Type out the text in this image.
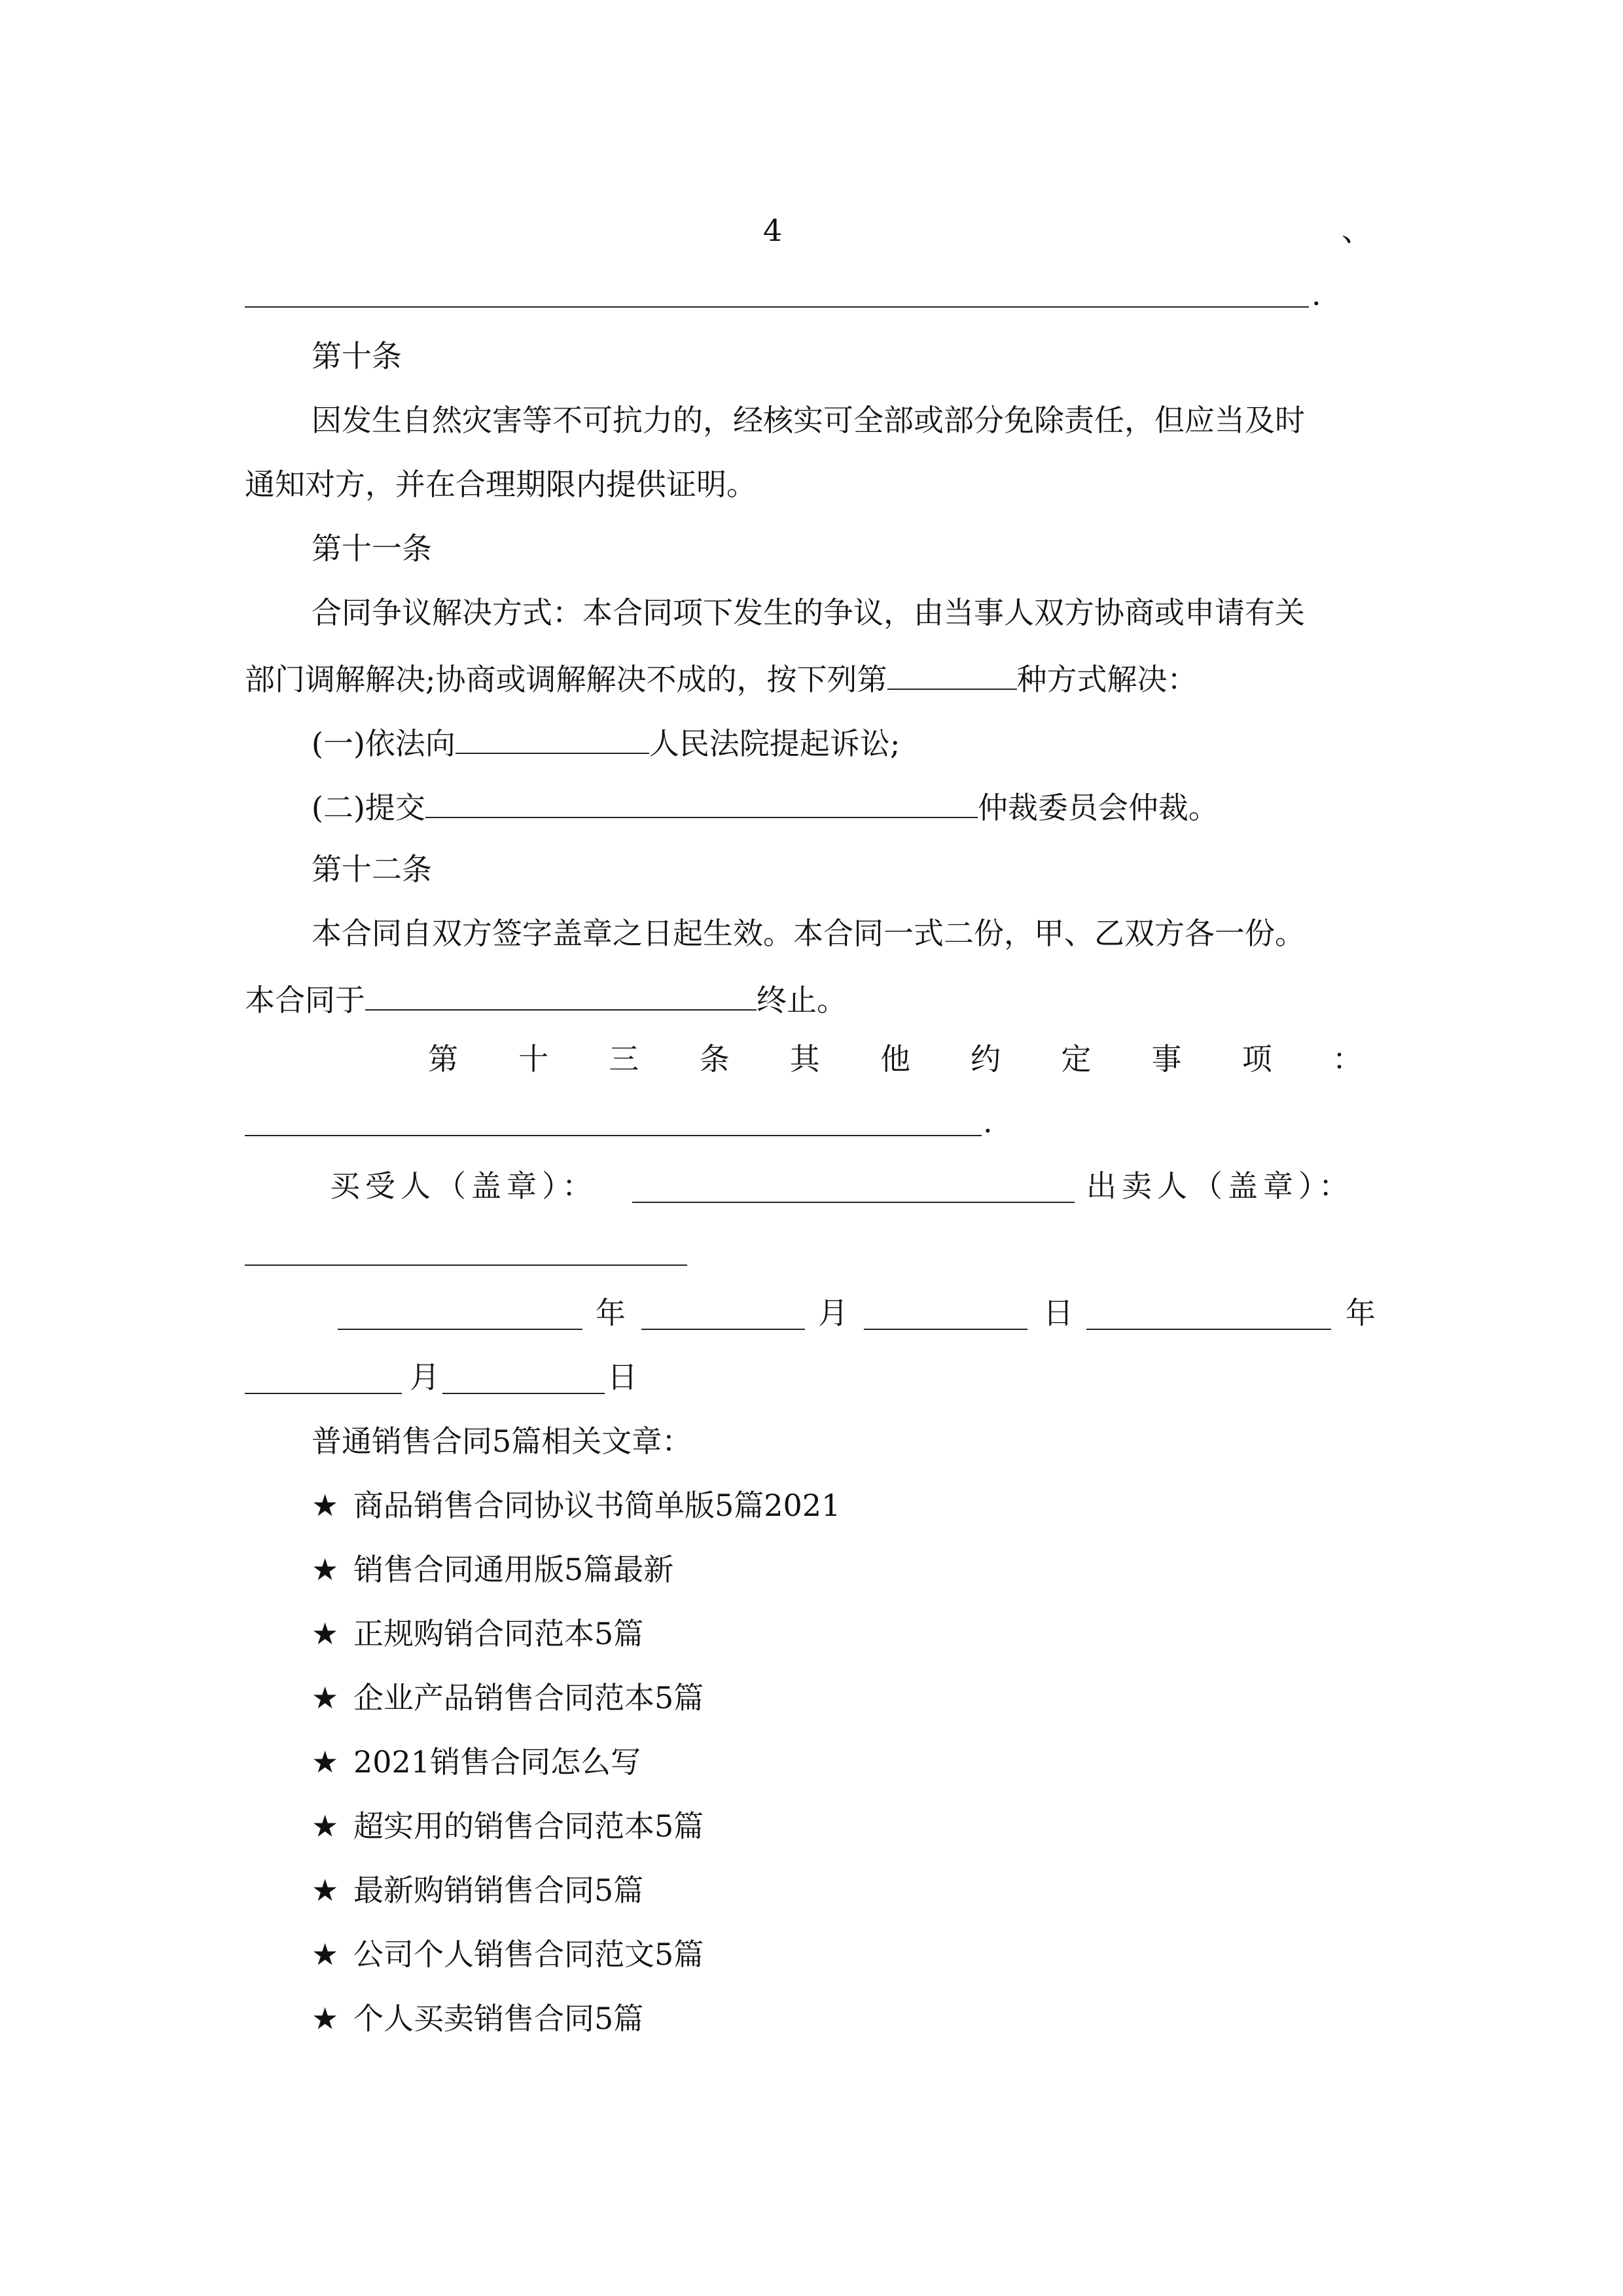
4	、
.
第十条
因发生自然灾害等不可抗力的，经核实可全部或部分免除责任，但应当及时
通知对方，并在合理期限内提供证明。
第十一条
合同争议解决方式：本合同项下发生的争议，由当事人双方协商或申请有关
部门调解解决;协商或调解解决不成的，按下列第	种方式解决：
(一)依法向	人民法院提起诉讼;
(二)提交	仲裁委员会仲裁。
第十二条
本合同自双方签字盖章之日起生效。本合同一式二份，甲、乙双方各一份。
本合同于	终止。
第 十 三 条 其 他 约 定 事 项 ：
.
买受人（盖章）：	出卖人（盖章）：
年	月	日	年
月	日
普通销售合同5篇相关文章：
★ 商品销售合同协议书简单版5篇2021
★ 销售合同通用版5篇最新
★ 正规购销合同范本5篇
★ 企业产品销售合同范本5篇
★ 2021销售合同怎么写
★ 超实用的销售合同范本5篇
★ 最新购销销售合同5篇
★ 公司个人销售合同范文5篇
★ 个人买卖销售合同5篇
